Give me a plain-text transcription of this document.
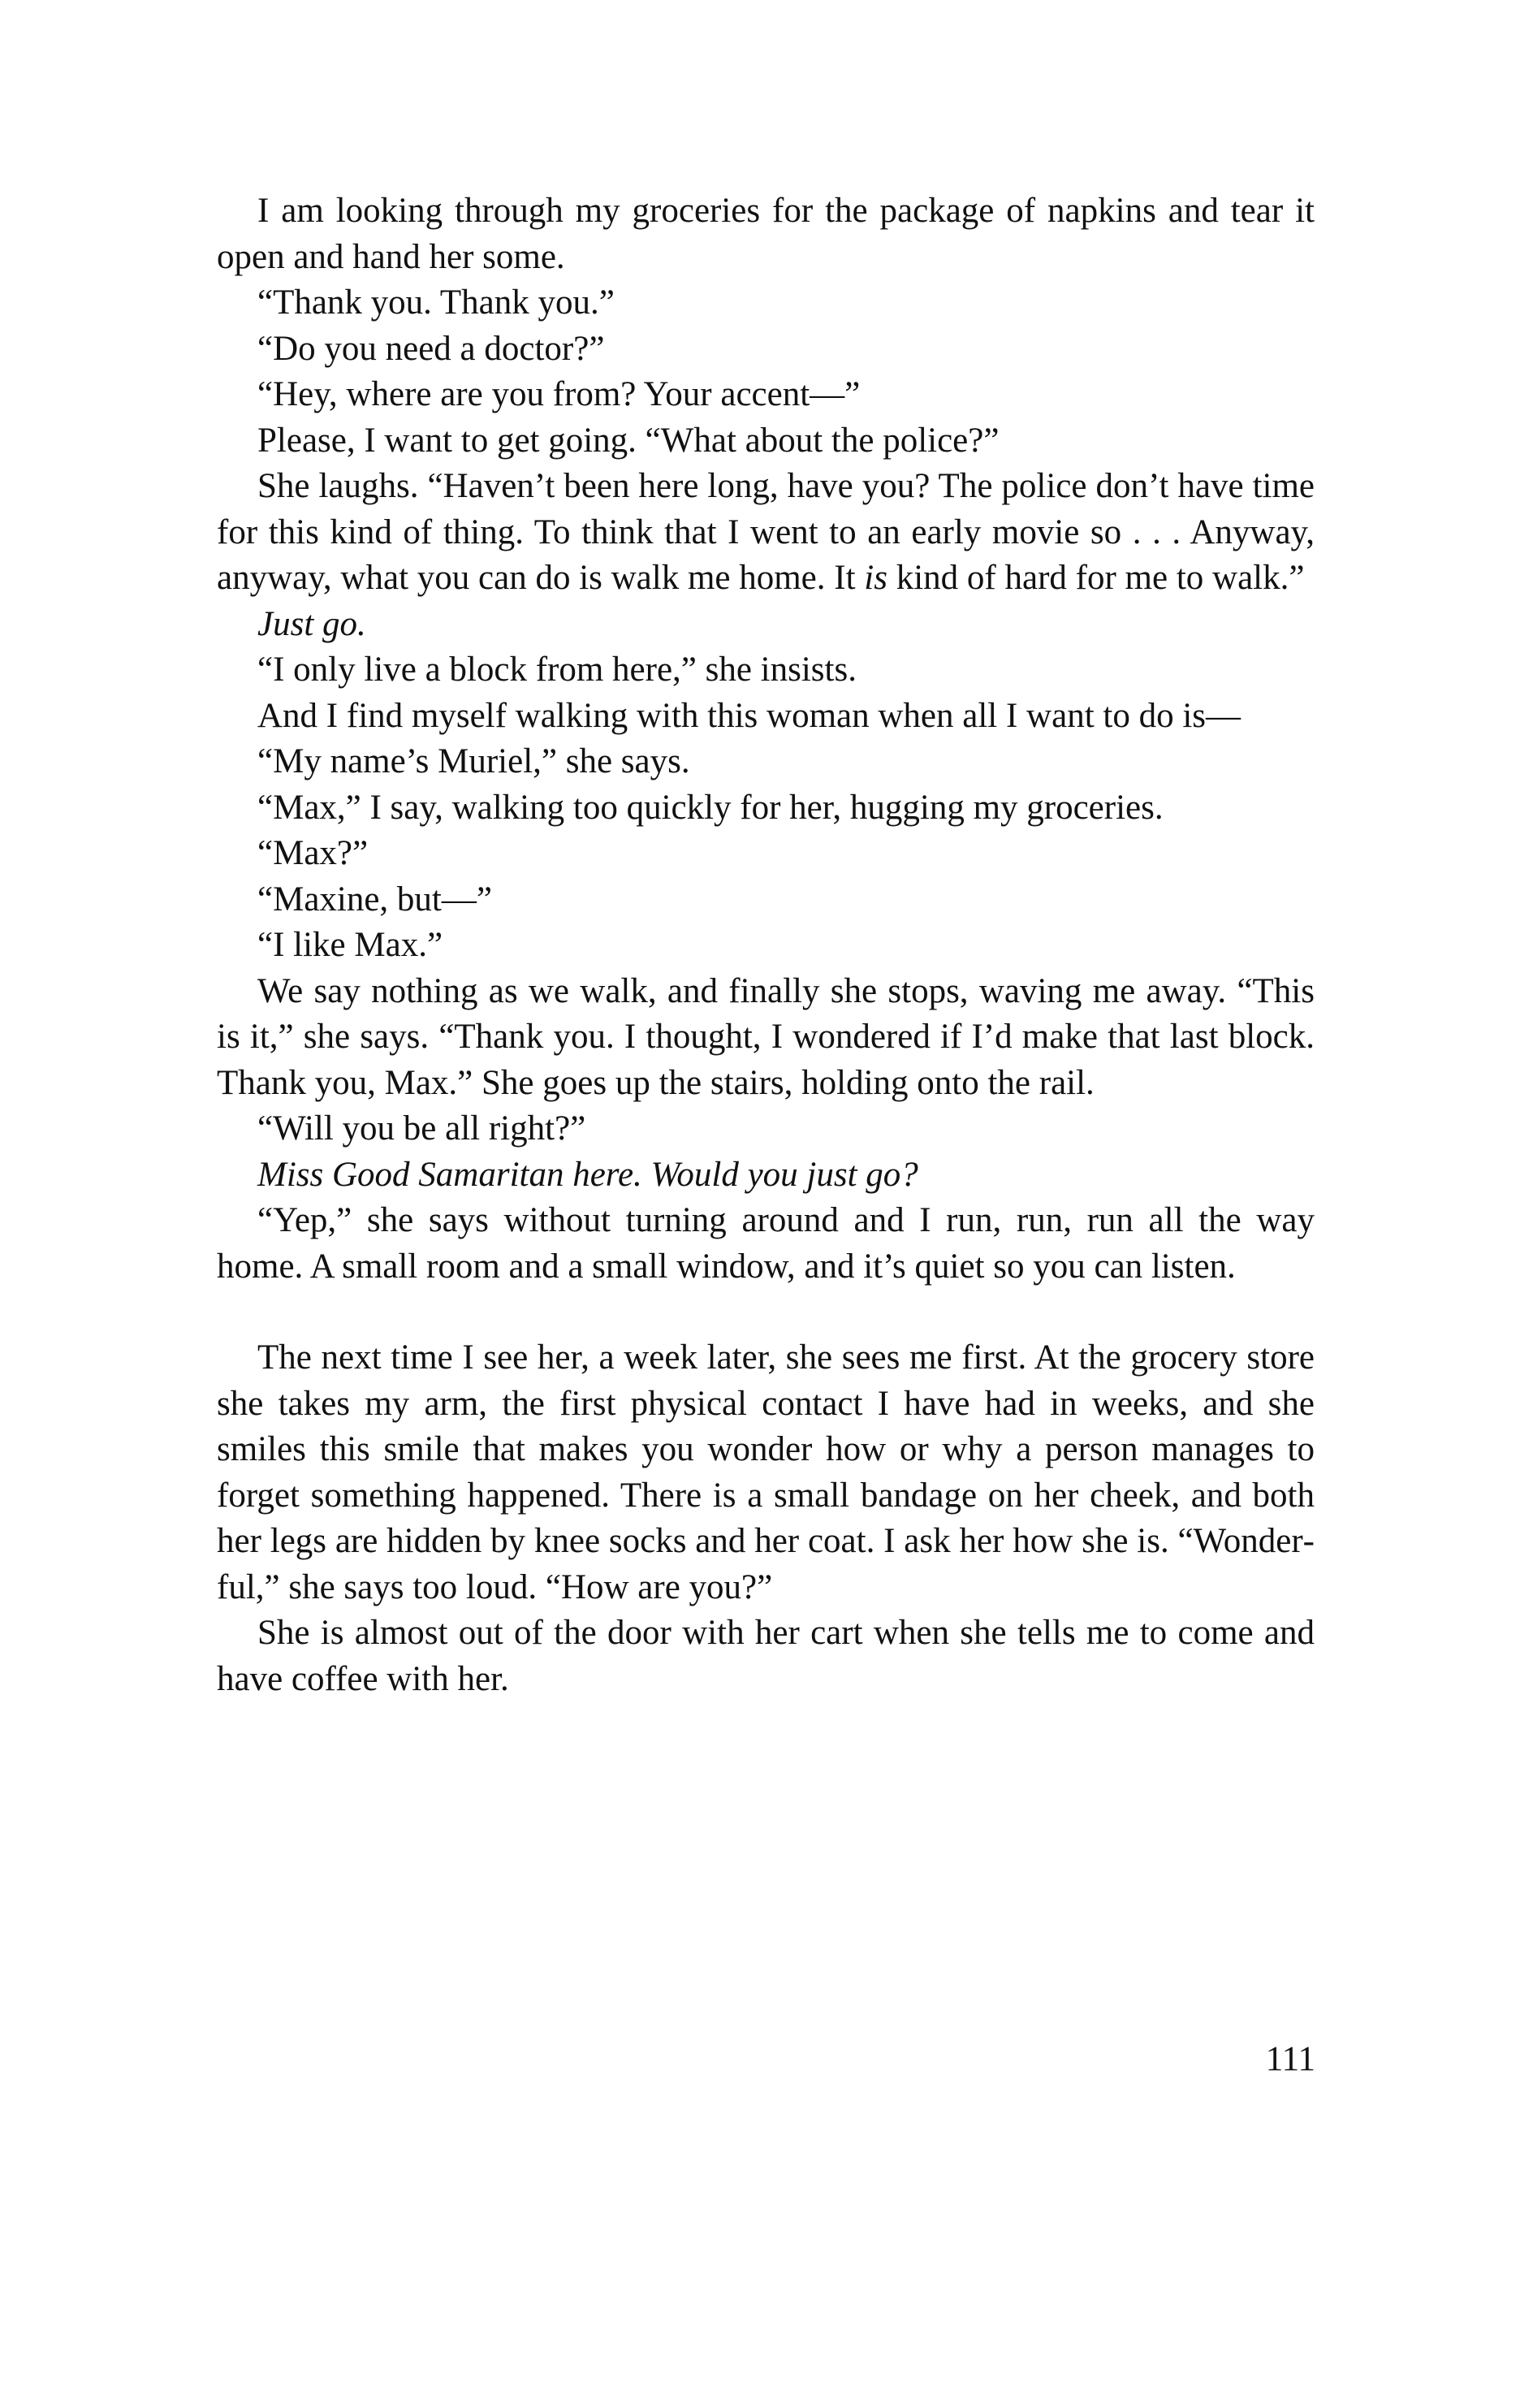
I am looking through my groceries for the package of napkins and tear it open and hand her some.

“Thank you. Thank you.”

“Do you need a doctor?”

“Hey, where are you from? Your accent—”

Please, I want to get going. “What about the police?”

She laughs. “Haven’t been here long, have you? The police don’t have time for this kind of thing. To think that I went to an early movie so . . . Anyway, anyway, what you can do is walk me home. It is kind of hard for me to walk.”

Just go.

“I only live a block from here,” she insists.

And I find myself walking with this woman when all I want to do is—

“My name’s Muriel,” she says.

“Max,” I say, walking too quickly for her, hugging my groceries.

“Max?”

“Maxine, but—”

“I like Max.”

We say nothing as we walk, and finally she stops, waving me away. “This is it,” she says. “Thank you. I thought, I wondered if I’d make that last block. Thank you, Max.” She goes up the stairs, holding onto the rail.

“Will you be all right?”

Miss Good Samaritan here. Would you just go?

“Yep,” she says without turning around and I run, run, run all the way home. A small room and a small window, and it’s quiet so you can listen.

The next time I see her, a week later, she sees me first. At the grocery store she takes my arm, the first physical contact I have had in weeks, and she smiles this smile that makes you wonder how or why a person manages to forget something happened. There is a small bandage on her cheek, and both her legs are hidden by knee socks and her coat. I ask her how she is. “Wonderful,” she says too loud. “How are you?”

She is almost out of the door with her cart when she tells me to come and have coffee with her.

111
